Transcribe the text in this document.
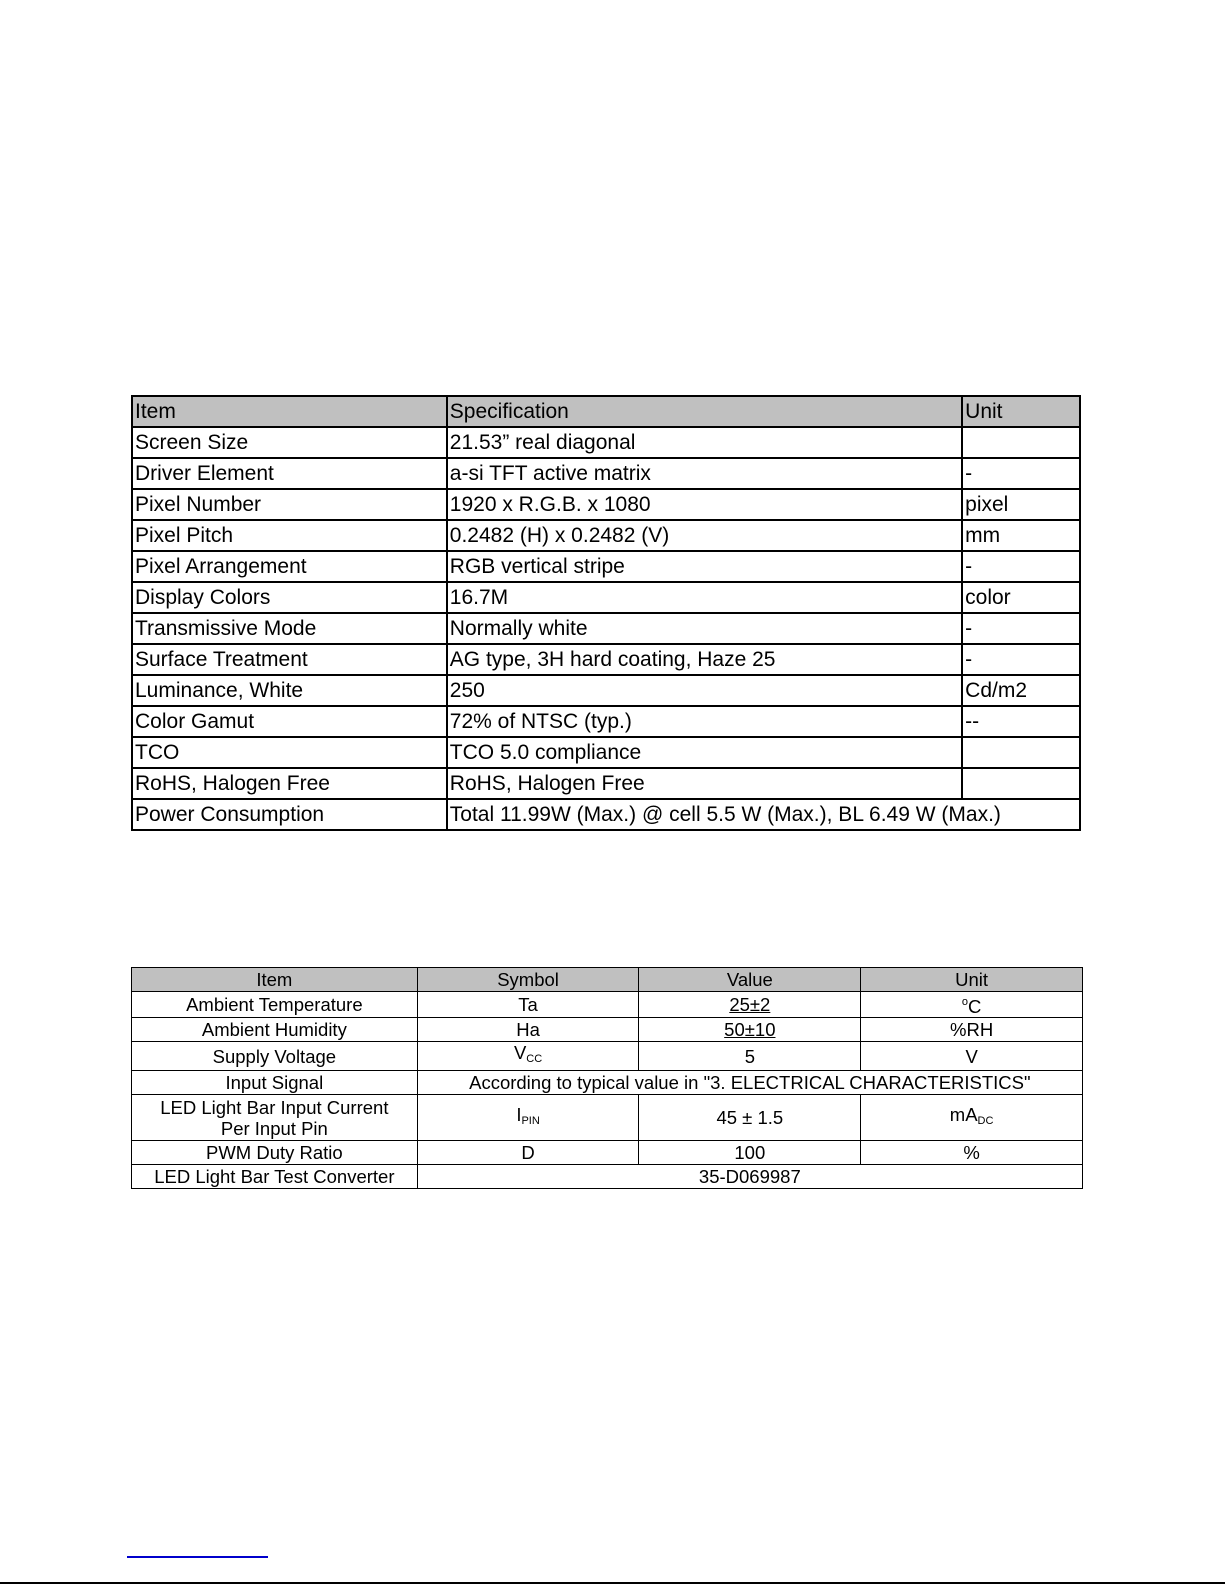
Item	Specification	Unit
Screen Size	21.53” real diagonal	
Driver Element	a-si TFT active matrix	-
Pixel Number	1920 x R.G.B. x 1080	pixel
Pixel Pitch	0.2482 (H) x 0.2482 (V)	mm
Pixel Arrangement	RGB vertical stripe	-
Display Colors	16.7M	color
Transmissive Mode	Normally white	-
Surface Treatment	AG type, 3H hard coating, Haze 25	-
Luminance, White	250	Cd/m2
Color Gamut	72% of NTSC (typ.)	--
TCO	TCO 5.0 compliance	
RoHS, Halogen Free	RoHS, Halogen Free	
Power Consumption	Total 11.99W (Max.) @ cell 5.5 W (Max.), BL 6.49 W (Max.)	
Item	Symbol	Value	Unit
Ambient Temperature	Ta	25±2	$^o$C
Ambient Humidity	Ha	50±10	%RH
Supply Voltage	$V_{CC}$	5	V
Input Signal	According to typical value in "3. ELECTRICAL CHARACTERISTICS"		

LED Light Bar Input Current
Per Input Pin	$I_{PIN}$	45 ± 1.5	$mA_{DC}$
PWM Duty Ratio	D	100	%
LED Light Bar Test Converter	35-D069987		
